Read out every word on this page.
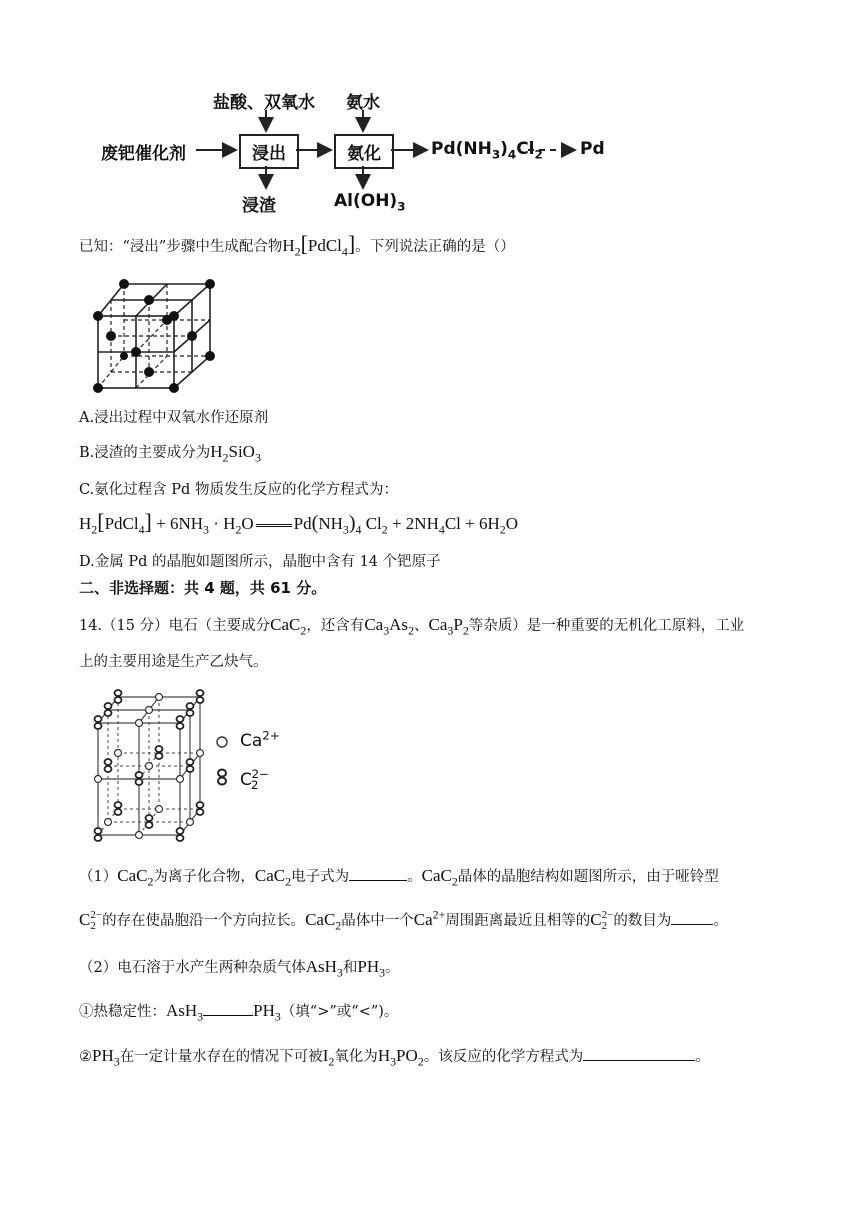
盐酸、双氧水 氨水
废钯催化剂	浸出	氨化
浸渣	$Al(OH)_3$
$Pd(NH_3)_4Cl_2$ Pd
已知：“浸出”步骤中生成配合物$H_2[PdCl_4]$。下列说法正确的是（）
A.浸出过程中双氧水作还原剂
B.浸渣的主要成分为$H_2SiO_3$
C.氨化过程含 Pd 物质发生反应的化学方程式为：
$H_2[PdCl_4] + 6NH_3 \cdot H_2O$ $Pd(NH_3)_4$ $Cl_2 + 2NH_4Cl + 6H_2O$
D.金属 Pd 的晶胞如题图所示，晶胞中含有 14 个钯原子
二、非选择题：共 4 题，共 61 分。
14.（15 分）电石（主要成分CaC$_2$，还含有$Ca_3As_2$、$Ca_3P_2$等杂质）是一种重要的无机化工原料，工业
上的主要用途是生产乙炔气。
$Ca^{2+}$
$C_2^{2-}$
（1）CaC$_2$为离子化合物，CaC$_2$电子式为	。CaC$_2$晶体的晶胞结构如题图所示，由于哑铃型
C 2−
2 的存在使晶胞沿一个方向拉长。CaC$_2$晶体中一个$Ca^{2+}$周围距离最近且相等的C 2−
2 的数目为	。
（2）电石溶于水产生两种杂质气体AsH$_3$和$PH_3$。
①热稳定性：AsH$_3$	$PH_3$（填“>”或“<”)。
$②PH_3$在一定计量水存在的情况下可被$I_2$氧化为$H_3PO_2$。该反应的化学方程式为	。
